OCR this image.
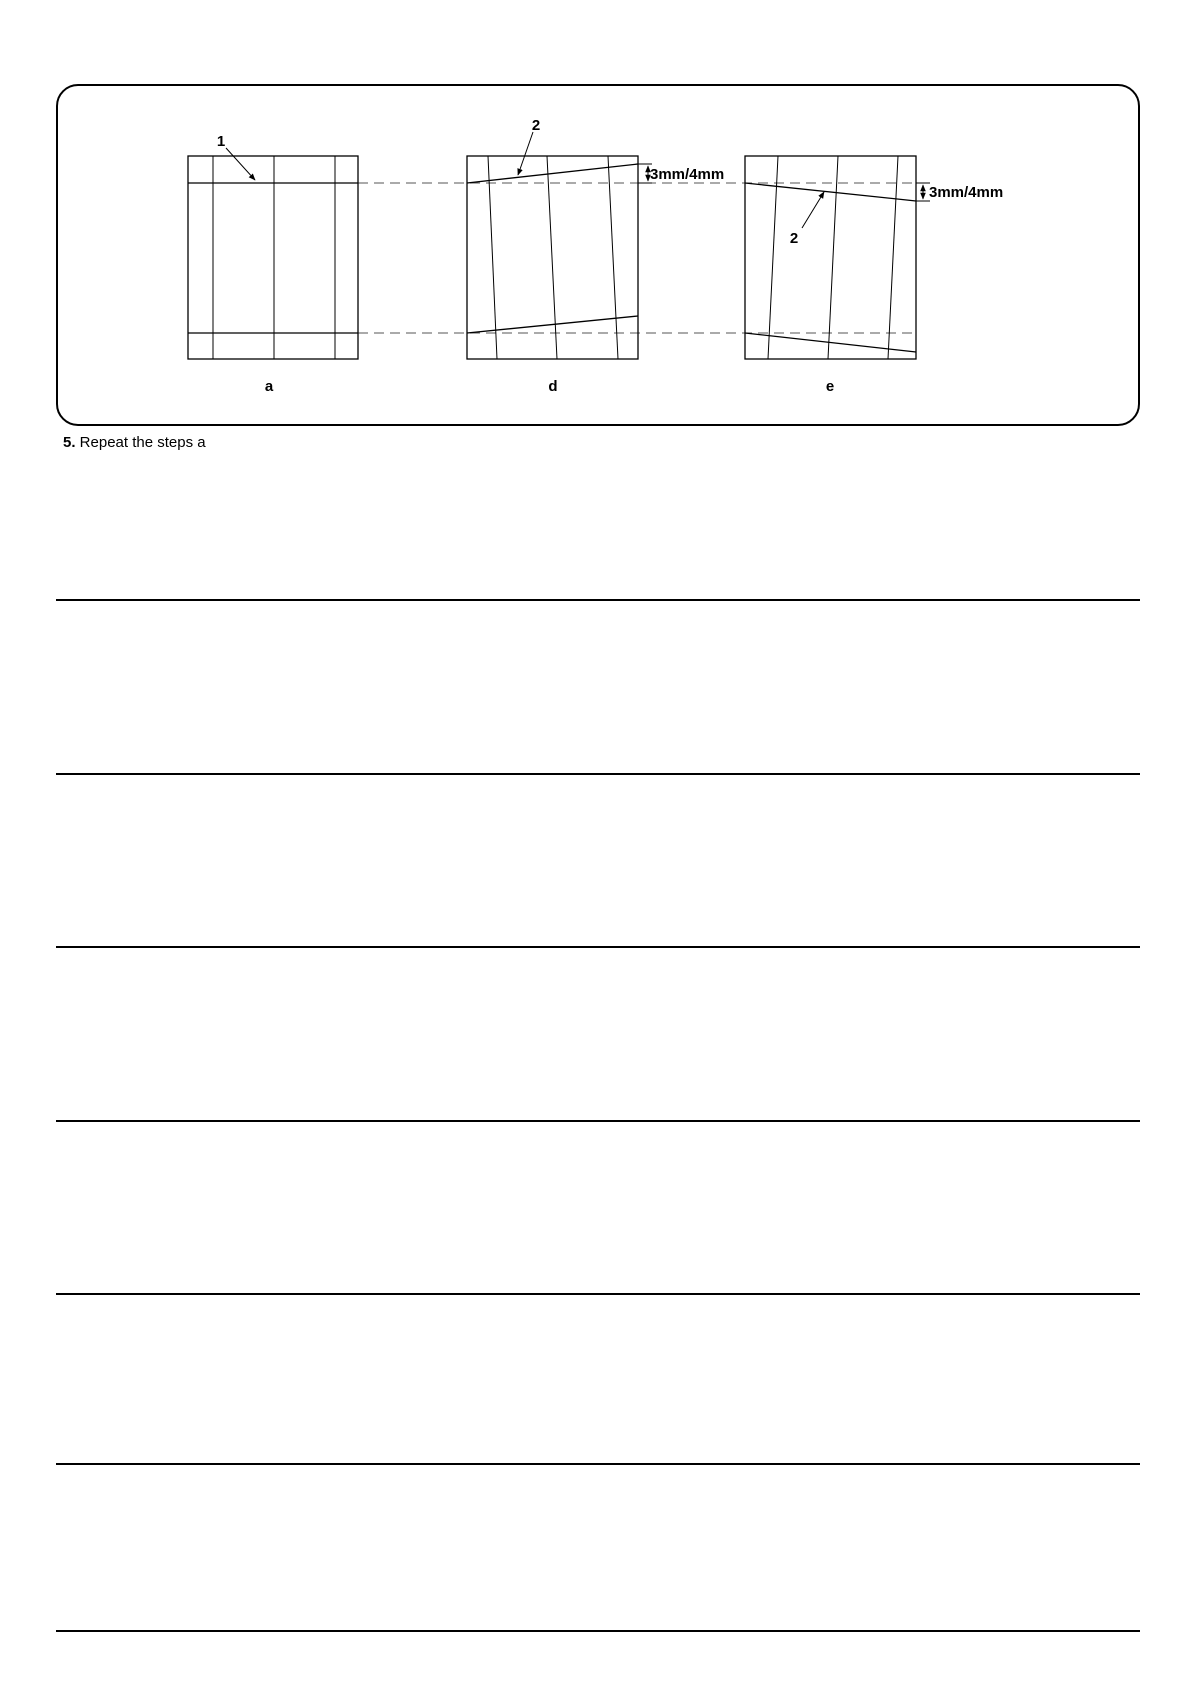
1
a
3mm/4mm
2
d
3mm/4mm
2
e
5. Repeat the steps a
